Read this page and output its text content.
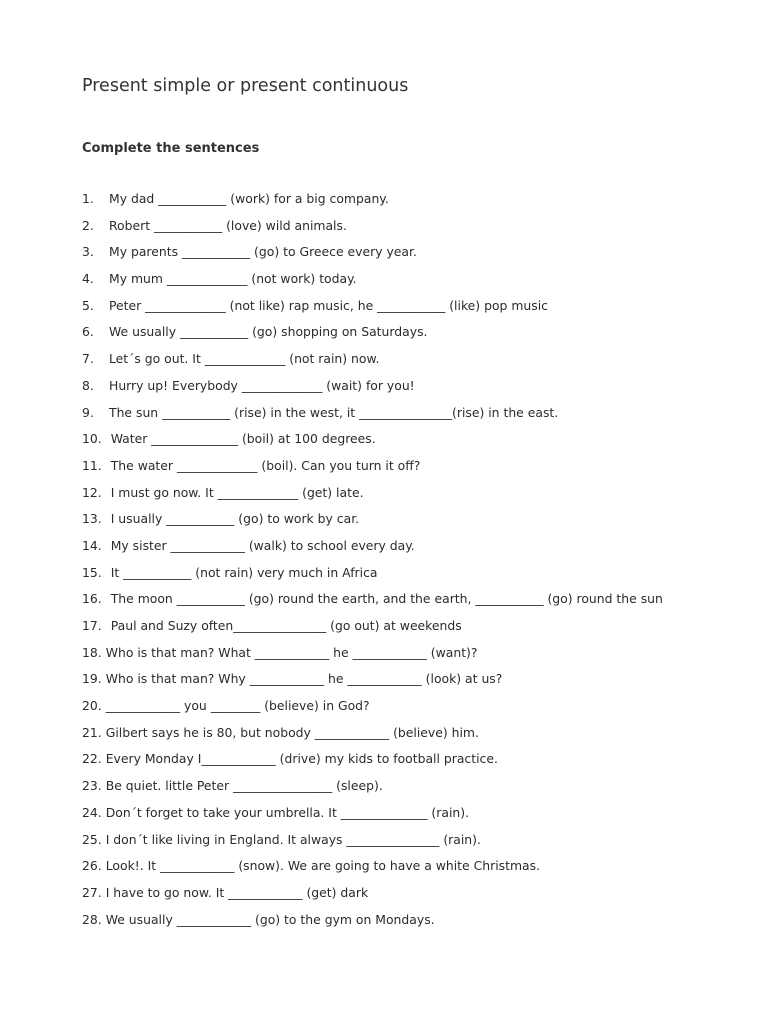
Present simple or present continuous
Complete the sentences
1.	My dad ___________ (work) for a big company.
2.	Robert ___________ (love) wild animals.
3.	My parents ___________ (go) to Greece every year.
4.	My mum _____________ (not work) today.
5.	Peter _____________ (not like) rap music, he ___________ (like) pop music
6.	We usually ___________ (go) shopping on Saturdays.
7.	Let´s go out. It _____________ (not rain) now.
8.	Hurry up! Everybody _____________ (wait) for you!
9.	The sun ___________ (rise) in the west, it _______________(rise) in the east.
10. Water ______________ (boil) at 100 degrees.
11. The water _____________ (boil). Can you turn it off?
12. I must go now. It _____________ (get) late.
13. I usually ___________ (go) to work by car.
14. My sister ____________ (walk) to school every day.
15. It ___________ (not rain) very much in Africa
16. The moon ___________ (go) round the earth, and the earth, ___________ (go) round the sun
17. Paul and Suzy often_______________ (go out) at weekends
18. Who is that man? What ____________ he ____________ (want)?
19. Who is that man? Why ____________ he ____________ (look) at us?
20. ____________ you ________ (believe) in God?
21. Gilbert says he is 80, but nobody ____________ (believe) him.
22. Every Monday I____________ (drive) my kids to football practice.
23. Be quiet. little Peter ________________ (sleep).
24. Don´t forget to take your umbrella. It ______________ (rain).
25. I don´t like living in England. It always _______________ (rain).
26. Look!. It ____________ (snow). We are going to have a white Christmas.
27. I have to go now. It ____________ (get) dark
28. We usually ____________ (go) to the gym on Mondays.
